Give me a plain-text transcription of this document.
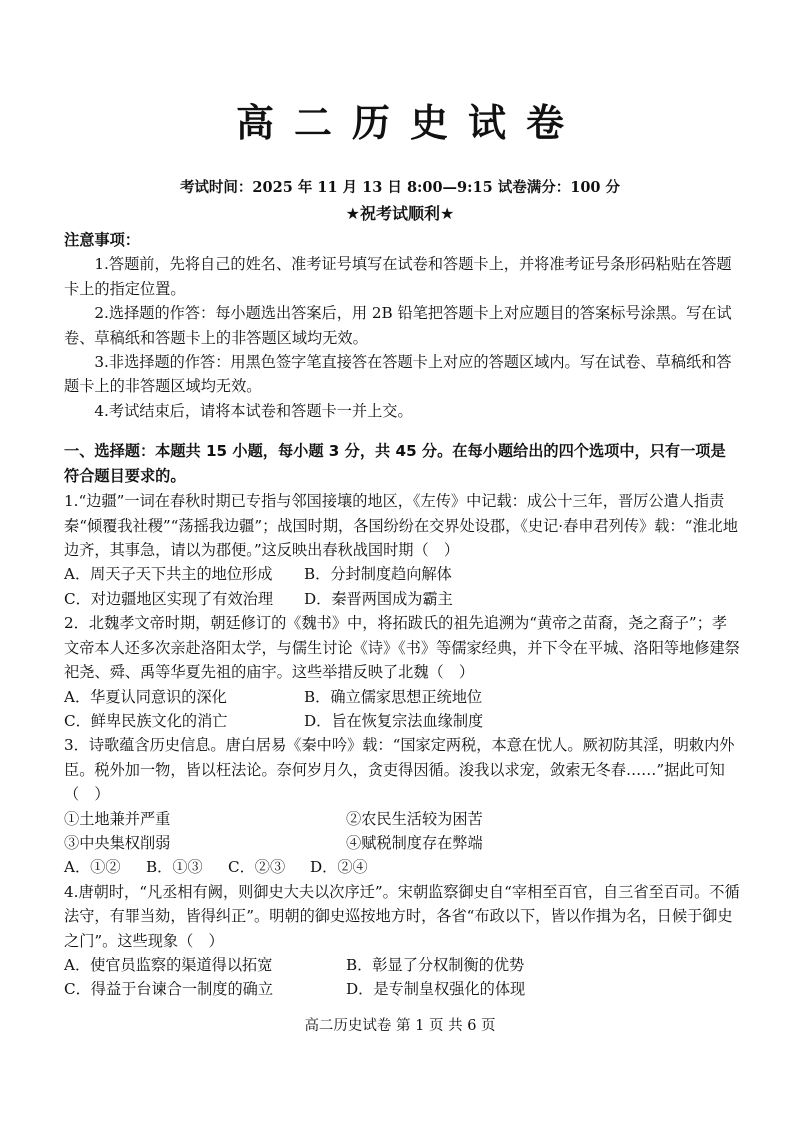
高二历史试卷
考试时间：2025 年 11 月 13 日 8:00—9:15 试卷满分：100 分
★祝考试顺利★

注意事项：

1.答题前，先将自己的姓名、准考证号填写在试卷和答题卡上，并将准考证号条形码粘贴在答题卡上的指定位置。

2.选择题的作答：每小题选出答案后，用 2B 铅笔把答题卡上对应题目的答案标号涂黑。写在试卷、草稿纸和答题卡上的非答题区域均无效。

3.非选择题的作答：用黑色签字笔直接答在答题卡上对应的答题区域内。写在试卷、草稿纸和答题卡上的非答题区域均无效。

4.考试结束后，请将本试卷和答题卡一并上交。

一、选择题：本题共 15 小题，每小题 3 分，共 45 分。在每小题给出的四个选项中，只有一项是符合题目要求的。

1.“边疆”一词在春秋时期已专指与邻国接壤的地区，《左传》中记载：成公十三年，晋厉公遣人指责秦“倾覆我社稷”“荡摇我边疆”；战国时期，各国纷纷在交界处设郡，《史记·春申君列传》载：“淮北地边齐，其事急，请以为郡便。”这反映出春秋战国时期（　）

A．周天子天下共主的地位形成	B．分封制度趋向解体
C．对边疆地区实现了有效治理	D．秦晋两国成为霸主

2．北魏孝文帝时期，朝廷修订的《魏书》中，将拓跋氏的祖先追溯为“黄帝之苗裔，尧之裔子”；孝文帝本人还多次亲赴洛阳太学，与儒生讨论《诗》《书》等儒家经典，并下令在平城、洛阳等地修建祭祀尧、舜、禹等华夏先祖的庙宇。这些举措反映了北魏（　）

A．华夏认同意识的深化	B．确立儒家思想正统地位
C．鲜卑民族文化的消亡	D．旨在恢复宗法血缘制度

3．诗歌蕴含历史信息。唐白居易《秦中吟》载：“国家定两税，本意在忧人。厥初防其淫，明敕内外臣。税外加一物，皆以枉法论。奈何岁月久，贪吏得因循。浚我以求宠，敛索无冬春……”据此可知（　）

①土地兼并严重	②农民生活较为困苦
③中央集权削弱	④赋税制度存在弊端
A．①②	B．①③	C．②③	D．②④

4.唐朝时，“凡丞相有阙，则御史大夫以次序迁”。宋朝监察御史自“宰相至百官，自三省至百司。不循法守，有罪当劾，皆得纠正”。明朝的御史巡按地方时，各省“布政以下，皆以作揖为名，日候于御史之门”。这些现象（　）

A．使官员监察的渠道得以拓宽	B．彰显了分权制衡的优势
C．得益于台谏合一制度的确立	D．是专制皇权强化的体现
高二历史试卷 第 1 页 共 6 页
